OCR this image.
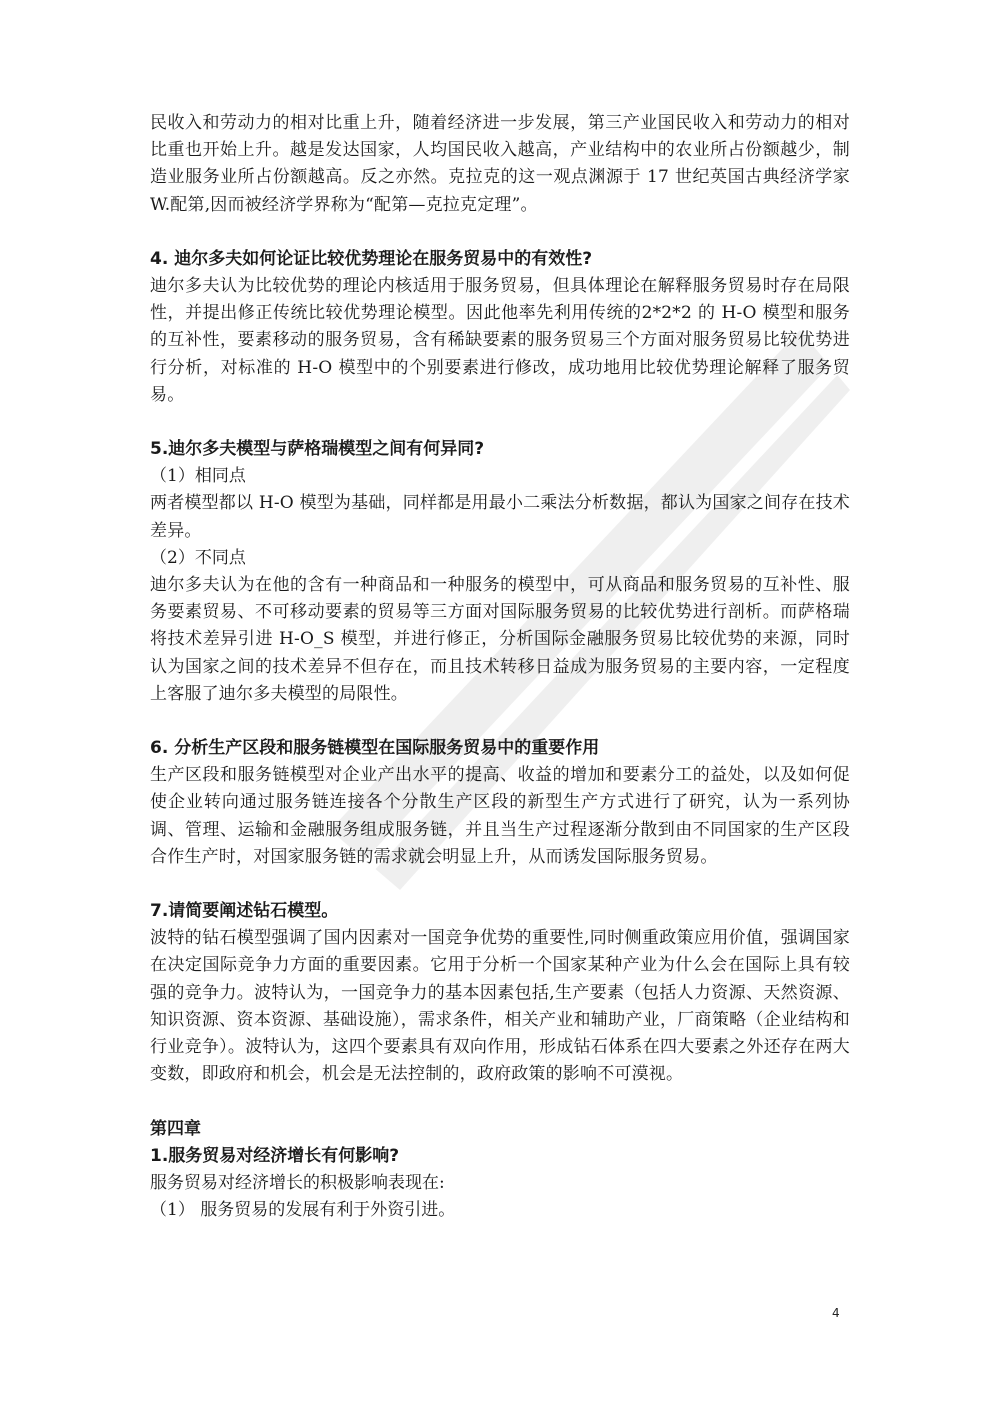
民收入和劳动力的相对比重上升，随着经济进一步发展，第三产业国民收入和劳动力的相对比重也开始上升。越是发达国家，人均国民收入越高，产业结构中的农业所占份额越少，制造业服务业所占份额越高。反之亦然。克拉克的这一观点渊源于 17 世纪英国古典经济学家 W.配第,因而被经济学界称为“配第—克拉克定理”。

4. 迪尔多夫如何论证比较优势理论在服务贸易中的有效性?

迪尔多夫认为比较优势的理论内核适用于服务贸易，但具体理论在解释服务贸易时存在局限性，并提出修正传统比较优势理论模型。因此他率先利用传统的2*2*2 的 H-O 模型和服务的互补性，要素移动的服务贸易，含有稀缺要素的服务贸易三个方面对服务贸易比较优势进行分析，对标准的 H-O 模型中的个别要素进行修改，成功地用比较优势理论解释了服务贸易。

5.迪尔多夫模型与萨格瑞模型之间有何异同?

（1）相同点

两者模型都以 H-O 模型为基础，同样都是用最小二乘法分析数据，都认为国家之间存在技术差异。

（2）不同点

迪尔多夫认为在他的含有一种商品和一种服务的模型中，可从商品和服务贸易的互补性、服务要素贸易、不可移动要素的贸易等三方面对国际服务贸易的比较优势进行剖析。而萨格瑞将技术差异引进 H-O_S 模型，并进行修正，分析国际金融服务贸易比较优势的来源，同时认为国家之间的技术差异不但存在，而且技术转移日益成为服务贸易的主要内容，一定程度上客服了迪尔多夫模型的局限性。

6. 分析生产区段和服务链模型在国际服务贸易中的重要作用

生产区段和服务链模型对企业产出水平的提高、收益的增加和要素分工的益处，以及如何促使企业转向通过服务链连接各个分散生产区段的新型生产方式进行了研究，认为一系列协调、管理、运输和金融服务组成服务链，并且当生产过程逐渐分散到由不同国家的生产区段合作生产时，对国家服务链的需求就会明显上升，从而诱发国际服务贸易。

7.请简要阐述钻石模型。

波特的钻石模型强调了国内因素对一国竞争优势的重要性,同时侧重政策应用价值，强调国家在决定国际竞争力方面的重要因素。它用于分析一个国家某种产业为什么会在国际上具有较强的竞争力。波特认为，一国竞争力的基本因素包括,生产要素（包括人力资源、天然资源、知识资源、资本资源、基础设施），需求条件，相关产业和辅助产业，厂商策略（企业结构和行业竞争）。波特认为，这四个要素具有双向作用，形成钻石体系在四大要素之外还存在两大变数，即政府和机会，机会是无法控制的，政府政策的影响不可漠视。

第四章

1.服务贸易对经济增长有何影响?

服务贸易对经济增长的积极影响表现在:

（1） 服务贸易的发展有利于外资引进。

4
